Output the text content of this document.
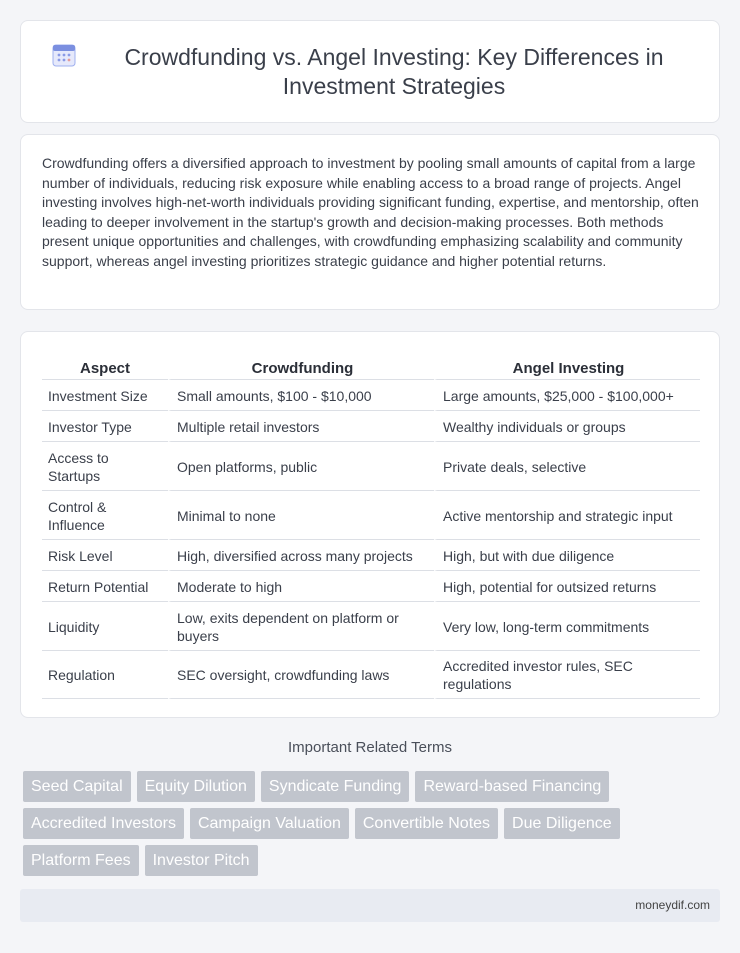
Crowdfunding vs. Angel Investing: Key Differences in Investment Strategies

Crowdfunding offers a diversified approach to investment by pooling small amounts of capital from a large number of individuals, reducing risk exposure while enabling access to a broad range of projects. Angel investing involves high-net-worth individuals providing significant funding, expertise, and mentorship, often leading to deeper involvement in the startup's growth and decision-making processes. Both methods present unique opportunities and challenges, with crowdfunding emphasizing scalability and community support, whereas angel investing prioritizes strategic guidance and higher potential returns.

Aspect	Crowdfunding	Angel Investing
Investment Size	Small amounts, $100 - $10,000	Large amounts, $25,000 - $100,000+
Investor Type	Multiple retail investors	Wealthy individuals or groups
Access to Startups	Open platforms, public	Private deals, selective
Control & Influence	Minimal to none	Active mentorship and strategic input
Risk Level	High, diversified across many projects	High, but with due diligence
Return Potential	Moderate to high	High, potential for outsized returns
Liquidity	Low, exits dependent on platform or buyers	Very low, long-term commitments
Regulation	SEC oversight, crowdfunding laws	Accredited investor rules, SEC regulations
Important Related Terms
Seed Capital	Equity Dilution	Syndicate Funding	Reward-based Financing
Accredited Investors	Campaign Valuation	Convertible Notes	Due Diligence
Platform Fees	Investor Pitch
moneydif.com
